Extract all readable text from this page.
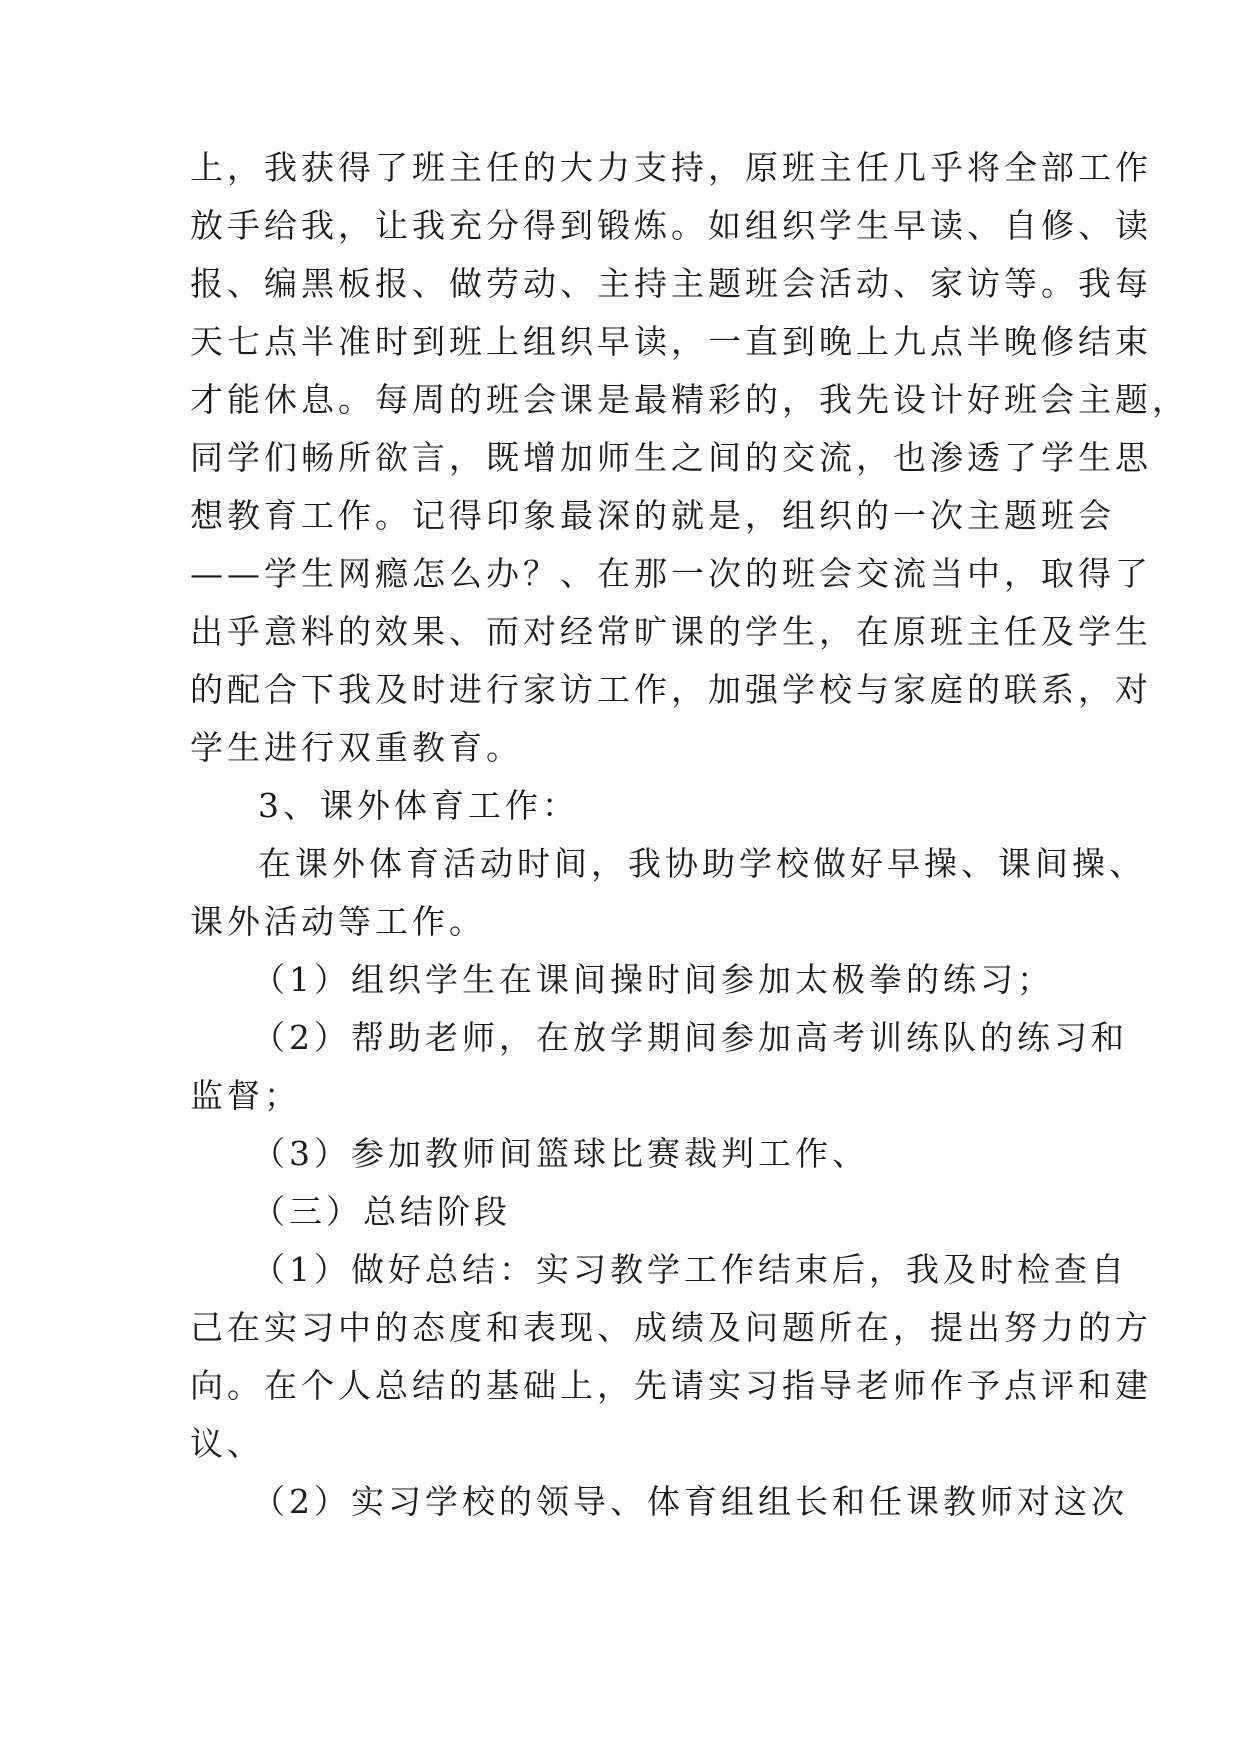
上，我获得了班主任的大力支持，原班主任几乎将全部工作
放手给我，让我充分得到锻炼。如组织学生早读、自修、读
报、编黑板报、做劳动、主持主题班会活动、家访等。我每
天七点半准时到班上组织早读，一直到晚上九点半晚修结束
才能休息。每周的班会课是最精彩的，我先设计好班会主题，
同学们畅所欲言，既增加师生之间的交流，也渗透了学生思
想教育工作。记得印象最深的就是，组织的一次主题班会
——学生网瘾怎么办？、在那一次的班会交流当中，取得了
出乎意料的效果、而对经常旷课的学生，在原班主任及学生
的配合下我及时进行家访工作，加强学校与家庭的联系，对
学生进行双重教育。
3、课外体育工作：
在课外体育活动时间，我协助学校做好早操、课间操、
课外活动等工作。
（1）组织学生在课间操时间参加太极拳的练习；
（2）帮助老师，在放学期间参加高考训练队的练习和
监督；
（3）参加教师间篮球比赛裁判工作、
（三）总结阶段
（1）做好总结：实习教学工作结束后，我及时检查自
己在实习中的态度和表现、成绩及问题所在，提出努力的方
向。在个人总结的基础上，先请实习指导老师作予点评和建
议、
（2）实习学校的领导、体育组组长和任课教师对这次
